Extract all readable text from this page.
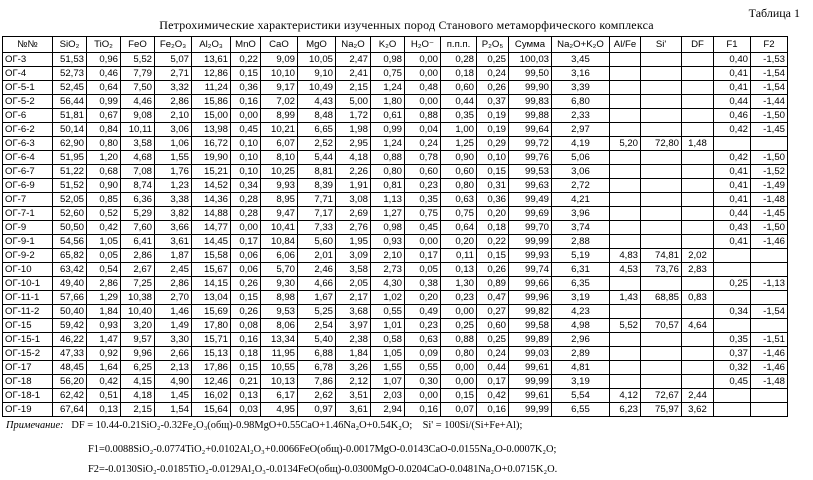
Таблица 1
Петрохимические характеристики изученных пород Станового метаморфического комплекса
№№	SiO₂	TiO₂	FeO	Fe₂O₃	Al₂O₃	MnO	CaO	MgO	Na₂O	K₂O	H₂O⁻	п.п.п.	P₂O₅	Сумма	Na₂O+K₂O	Al/Fe	Si'	DF	F1	F2
ОГ-3	51,53	0,96	5,52	5,07	13,61	0,22	9,09	10,05	2,47	0,98	0,00	0,28	0,25	100,03	3,45				0,40	-1,53
ОГ-4	52,73	0,46	7,79	2,71	12,86	0,15	10,10	9,10	2,41	0,75	0,00	0,18	0,24	99,50	3,16				0,41	-1,54
ОГ-5-1	52,45	0,64	7,50	3,32	11,24	0,36	9,17	10,49	2,15	1,24	0,48	0,60	0,26	99,90	3,39				0,41	-1,54
ОГ-5-2	56,44	0,99	4,46	2,86	15,86	0,16	7,02	4,43	5,00	1,80	0,00	0,44	0,37	99,83	6,80				0,44	-1,44
ОГ-6	51,81	0,67	9,08	2,10	15,00	0,00	8,99	8,48	1,72	0,61	0,88	0,35	0,19	99,88	2,33				0,46	-1,50
ОГ-6-2	50,14	0,84	10,11	3,06	13,98	0,45	10,21	6,65	1,98	0,99	0,04	1,00	0,19	99,64	2,97				0,42	-1,45
ОГ-6-3	62,90	0,80	3,58	1,06	16,72	0,10	6,07	2,52	2,95	1,24	0,24	1,25	0,29	99,72	4,19	5,20	72,80	1,48		
ОГ-6-4	51,95	1,20	4,68	1,55	19,90	0,10	8,10	5,44	4,18	0,88	0,78	0,90	0,10	99,76	5,06				0,42	-1,50
ОГ-6-7	51,22	0,68	7,08	1,76	15,21	0,10	10,25	8,81	2,26	0,80	0,60	0,60	0,15	99,53	3,06				0,41	-1,52
ОГ-6-9	51,52	0,90	8,74	1,23	14,52	0,34	9,93	8,39	1,91	0,81	0,23	0,80	0,31	99,63	2,72				0,41	-1,49
ОГ-7	52,05	0,85	6,36	3,38	14,36	0,28	8,95	7,71	3,08	1,13	0,35	0,63	0,36	99,49	4,21				0,41	-1,48
ОГ-7-1	52,60	0,52	5,29	3,82	14,88	0,28	9,47	7,17	2,69	1,27	0,75	0,75	0,20	99,69	3,96				0,44	-1,45
ОГ-9	50,50	0,42	7,60	3,66	14,77	0,00	10,41	7,33	2,76	0,98	0,45	0,64	0,18	99,70	3,74				0,43	-1,50
ОГ-9-1	54,56	1,05	6,41	3,61	14,45	0,17	10,84	5,60	1,95	0,93	0,00	0,20	0,22	99,99	2,88				0,41	-1,46
ОГ-9-2	65,82	0,05	2,86	1,87	15,58	0,06	6,06	2,01	3,09	2,10	0,17	0,11	0,15	99,93	5,19	4,83	74,81	2,02		
ОГ-10	63,42	0,54	2,67	2,45	15,67	0,06	5,70	2,46	3,58	2,73	0,05	0,13	0,26	99,74	6,31	4,53	73,76	2,83		
ОГ-10-1	49,40	2,86	7,25	2,86	14,15	0,26	9,30	4,66	2,05	4,30	0,38	1,30	0,89	99,66	6,35				0,25	-1,13
ОГ-11-1	57,66	1,29	10,38	2,70	13,04	0,15	8,98	1,67	2,17	1,02	0,20	0,23	0,47	99,96	3,19	1,43	68,85	0,83		
ОГ-11-2	50,40	1,84	10,40	1,46	15,69	0,26	9,53	5,25	3,68	0,55	0,49	0,00	0,27	99,82	4,23				0,34	-1,54
ОГ-15	59,42	0,93	3,20	1,49	17,80	0,08	8,06	2,54	3,97	1,01	0,23	0,25	0,60	99,58	4,98	5,52	70,57	4,64		
ОГ-15-1	46,22	1,47	9,57	3,30	15,71	0,16	13,34	5,40	2,38	0,58	0,63	0,88	0,25	99,89	2,96				0,35	-1,51
ОГ-15-2	47,33	0,92	9,96	2,66	15,13	0,18	11,95	6,88	1,84	1,05	0,09	0,80	0,24	99,03	2,89				0,37	-1,46
ОГ-17	48,45	1,64	6,25	2,13	17,86	0,15	10,55	6,78	3,26	1,55	0,55	0,00	0,44	99,61	4,81				0,32	-1,46
ОГ-18	56,20	0,42	4,15	4,90	12,46	0,21	10,13	7,86	2,12	1,07	0,30	0,00	0,17	99,99	3,19				0,45	-1,48
ОГ-18-1	62,42	0,51	4,18	1,45	16,02	0,13	6,17	2,62	3,51	2,03	0,00	0,15	0,42	99,61	5,54	4,12	72,67	2,44		
ОГ-19	67,64	0,13	2,15	1,54	15,64	0,03	4,95	0,97	3,61	2,94	0,16	0,07	0,16	99,99	6,55	6,23	75,97	3,62		
Примечание: DF = 10.44-0.21SiO₂-0.32Fe₂O₃(общ)-0.98MgO+0.55CaO+1.46Na₂O+0.54K₂O; Si' = 100Si/(Si+Fe+Al);
F1=0.0088SiO₂-0.0774TiO₂+0.0102Al₂O₃+0.0066FeO(общ)-0.0017MgO-0.0143CaO-0.0155Na₂O-0.0007K₂O;
F2=-0.0130SiO₂-0.0185TiO₂-0.0129Al₂O₃-0.0134FeO(общ)-0.0300MgO-0.0204CaO-0.0481Na₂O+0.0715K₂O.
